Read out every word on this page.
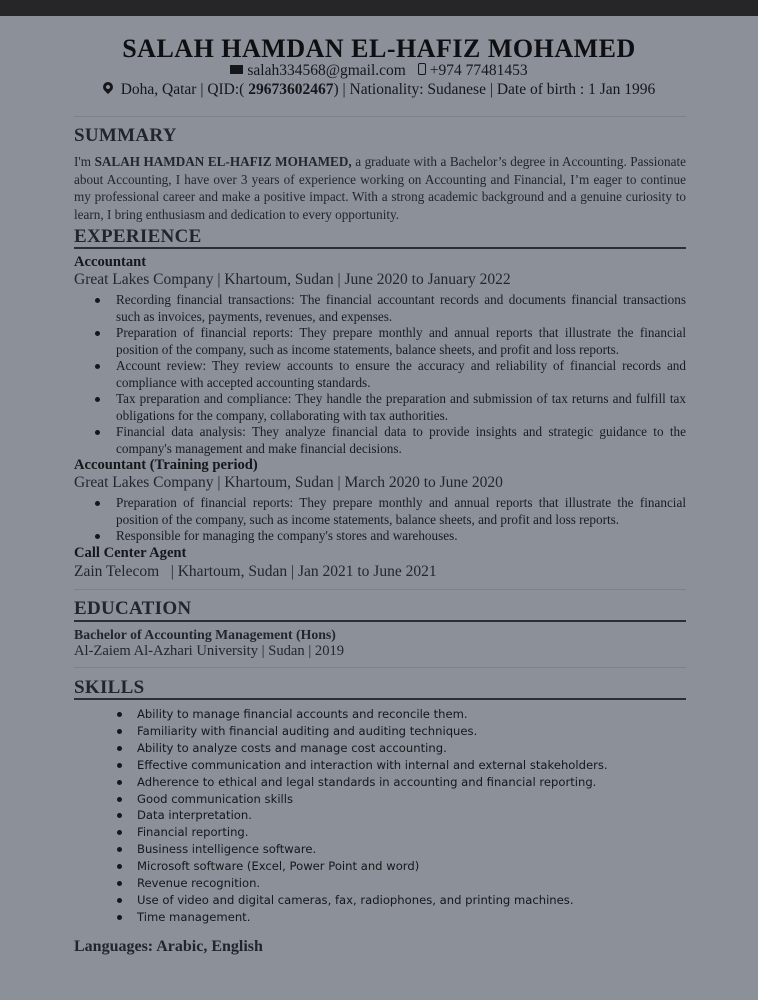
SALAH HAMDAN EL-HAFIZ MOHAMED
salah334568@gmail.com +974 77481453
Doha, Qatar | QID:( 29673602467) | Nationality: Sudanese | Date of birth : 1 Jan 1996
SUMMARY
I'm SALAH HAMDAN EL-HAFIZ MOHAMED, a graduate with a Bachelor’s degree in Accounting. Passionate about Accounting, I have over 3 years of experience working on Accounting and Financial, I’m eager to continue my professional career and make a positive impact. With a strong academic background and a genuine curiosity to learn, I bring enthusiasm and dedication to every opportunity.
EXPERIENCE
Accountant
Great Lakes Company | Khartoum, Sudan | June 2020 to January 2022
Recording financial transactions: The financial accountant records and documents financial transactions such as invoices, payments, revenues, and expenses.
Preparation of financial reports: They prepare monthly and annual reports that illustrate the financial position of the company, such as income statements, balance sheets, and profit and loss reports.
Account review: They review accounts to ensure the accuracy and reliability of financial records and compliance with accepted accounting standards.
Tax preparation and compliance: They handle the preparation and submission of tax returns and fulfill tax obligations for the company, collaborating with tax authorities.
Financial data analysis: They analyze financial data to provide insights and strategic guidance to the company's management and make financial decisions.
Accountant (Training period)
Great Lakes Company | Khartoum, Sudan | March 2020 to June 2020
Preparation of financial reports: They prepare monthly and annual reports that illustrate the financial position of the company, such as income statements, balance sheets, and profit and loss reports.
Responsible for managing the company's stores and warehouses.
Call Center Agent
Zain Telecom   | Khartoum, Sudan | Jan 2021 to June 2021
EDUCATION
Bachelor of Accounting Management (Hons)
Al-Zaiem Al-Azhari University | Sudan | 2019
SKILLS
Ability to manage financial accounts and reconcile them.
Familiarity with financial auditing and auditing techniques.
Ability to analyze costs and manage cost accounting.
Effective communication and interaction with internal and external stakeholders.
Adherence to ethical and legal standards in accounting and financial reporting.
Good communication skills
Data interpretation.
Financial reporting.
Business intelligence software.
Microsoft software (Excel, Power Point and word)
Revenue recognition.
Use of video and digital cameras, fax, radiophones, and printing machines.
Time management.
Languages: Arabic, English
